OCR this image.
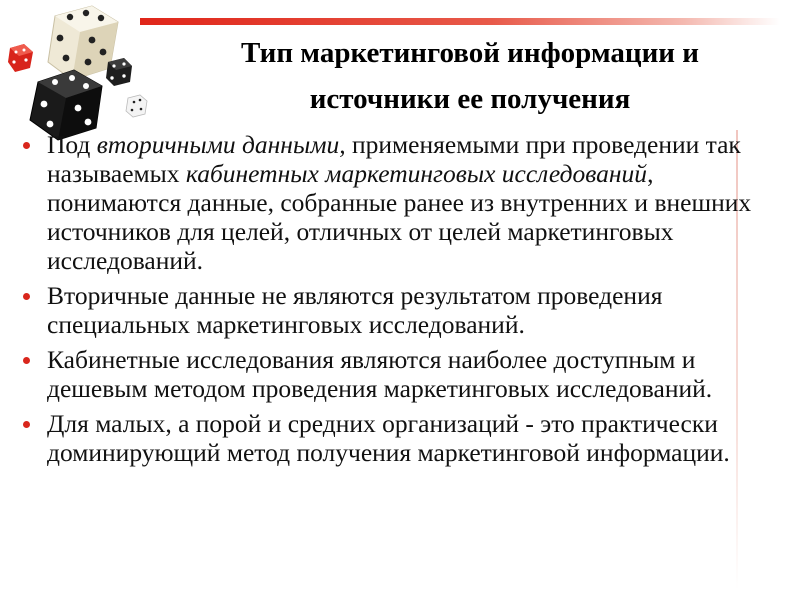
Тип маркетинговой информации и
источники ее получения
Под вторичными данными, применяемыми при проведении так называемых кабинетных маркетинговых исследований, понимаются данные, собранные ранее из внутренних и внешних источников для целей, отличных от целей маркетинговых исследований.
Вторичные данные не являются результатом проведения специальных маркетинговых исследований.
Кабинетные исследования являются наиболее доступным и дешевым методом проведения маркетинговых исследований.
Для малых, а порой и средних организаций - это практически доминирующий метод получения маркетинговой информации.
